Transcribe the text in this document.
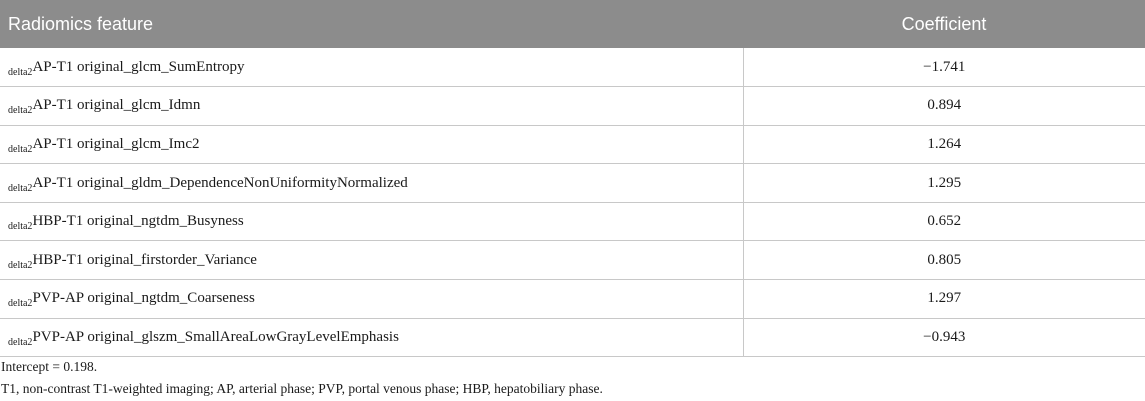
Radiomics feature	Coefficient
$_{delta2}$AP-T1 original_glcm_SumEntropy	−1.741
$_{delta2}$AP-T1 original_glcm_Idmn	0.894
$_{delta2}$AP-T1 original_glcm_Imc2	1.264
$_{delta2}$AP-T1 original_gldm_DependenceNonUniformityNormalized	1.295
$_{delta2}$HBP-T1 original_ngtdm_Busyness	0.652
$_{delta2}$HBP-T1 original_firstorder_Variance	0.805
$_{delta2}$PVP-AP original_ngtdm_Coarseness	1.297
$_{delta2}$PVP-AP original_glszm_SmallAreaLowGrayLevelEmphasis	−0.943
Intercept = 0.198.
T1, non-contrast T1-weighted imaging; AP, arterial phase; PVP, portal venous phase; HBP, hepatobiliary phase.
